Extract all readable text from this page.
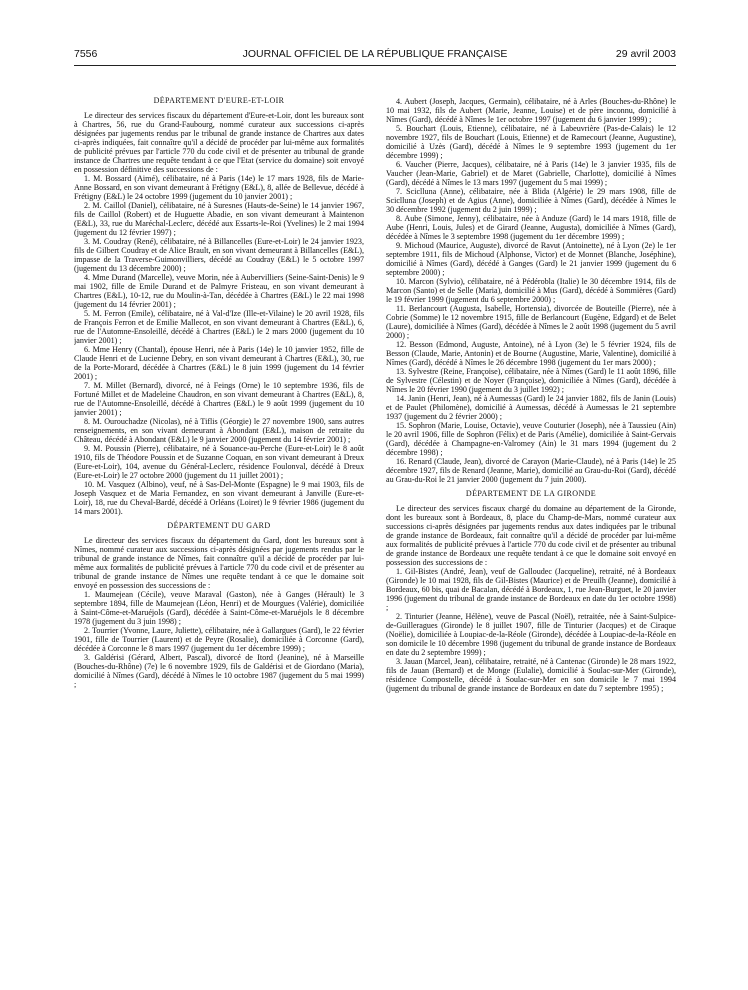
7556	JOURNAL OFFICIEL DE LA RÉPUBLIQUE FRANÇAISE	29 avril 2003

DÉPARTEMENT D'EURE-ET-LOIR

Le directeur des services fiscaux du département d'Eure-et-Loir, dont les bureaux sont à Chartres, 56, rue du Grand-Faubourg, nommé curateur aux successions ci-après désignées par jugements rendus par le tribunal de grande instance de Chartres aux dates ci-après indiquées, fait connaître qu'il a décidé de procéder par lui-même aux formalités de publicité prévues par l'article 770 du code civil et de présenter au tribunal de grande instance de Chartres une requête tendant à ce que l'Etat (service du domaine) soit envoyé en possession définitive des successions de :

1. M. Bossard (Aimé), célibataire, né à Paris (14e) le 17 mars 1928, fils de Marie-Anne Bossard, en son vivant demeurant à Frétigny (E&L), 8, allée de Bellevue, décédé à Frétigny (E&L) le 24 octobre 1999 (jugement du 10 janvier 2001) ;

2. M. Caillol (Daniel), célibataire, né à Suresnes (Hauts-de-Seine) le 14 janvier 1967, fils de Caillol (Robert) et de Huguette Abadie, en son vivant demeurant à Maintenon (E&L), 33, rue du Maréchal-Leclerc, décédé aux Essarts-le-Roi (Yvelines) le 2 mai 1994 (jugement du 12 février 1997) ;

3. M. Coudray (René), célibataire, né à Billancelles (Eure-et-Loir) le 24 janvier 1923, fils de Gilbert Coudray et de Alice Brault, en son vivant demeurant à Billancelles (E&L), impasse de la Traverse-Guimonvilliers, décédé au Coudray (E&L) le 5 octobre 1997 (jugement du 13 décembre 2000) ;

4. Mme Durand (Marcelle), veuve Morin, née à Aubervilliers (Seine-Saint-Denis) le 9 mai 1902, fille de Emile Durand et de Palmyre Fristeau, en son vivant demeurant à Chartres (E&L), 10-12, rue du Moulin-à-Tan, décédée à Chartres (E&L) le 22 mai 1998 (jugement du 14 février 2001) ;

5. M. Ferron (Emile), célibataire, né à Val-d'Ize (Ille-et-Vilaine) le 20 avril 1928, fils de François Ferron et de Emilie Mallecot, en son vivant demeurant à Chartres (E&L), 6, rue de l'Automne-Ensoleillé, décédé à Chartres (E&L) le 2 mars 2000 (jugement du 10 janvier 2001) ;

6. Mme Henry (Chantal), épouse Henri, née à Paris (14e) le 10 janvier 1952, fille de Claude Henri et de Lucienne Debry, en son vivant demeurant à Chartres (E&L), 30, rue de la Porte-Morard, décédée à Chartres (E&L) le 8 juin 1999 (jugement du 14 février 2001) ;

7. M. Millet (Bernard), divorcé, né à Feings (Orne) le 10 septembre 1936, fils de Fortuné Millet et de Madeleine Chaudron, en son vivant demeurant à Chartres (E&L), 8, rue de l'Automne-Ensoleillé, décédé à Chartres (E&L) le 9 août 1999 (jugement du 10 janvier 2001) ;

8. M. Ourouchadze (Nicolas), né à Tiflis (Géorgie) le 27 novembre 1900, sans autres renseignements, en son vivant demeurant à Abondant (E&L), maison de retraite du Château, décédé à Abondant (E&L) le 9 janvier 2000 (jugement du 14 février 2001) ;

9. M. Poussin (Pierre), célibataire, né à Souance-au-Perche (Eure-et-Loir) le 8 août 1910, fils de Théodore Poussin et de Suzanne Coquan, en son vivant demeurant à Dreux (Eure-et-Loir), 104, avenue du Général-Leclerc, résidence Foulonval, décédé à Dreux (Eure-et-Loir) le 27 octobre 2000 (jugement du 11 juillet 2001) ;

10. M. Vasquez (Albino), veuf, né à Sas-Del-Monte (Espagne) le 9 mai 1903, fils de Joseph Vasquez et de Maria Fernandez, en son vivant demeurant à Janville (Eure-et-Loir), 18, rue du Cheval-Bardé, décédé à Orléans (Loiret) le 9 février 1986 (jugement du 14 mars 2001).

DÉPARTEMENT DU GARD

Le directeur des services fiscaux du département du Gard, dont les bureaux sont à Nîmes, nommé curateur aux successions ci-après désignées par jugements rendus par le tribunal de grande instance de Nîmes, fait connaître qu'il a décidé de procéder par lui-même aux formalités de publicité prévues à l'article 770 du code civil et de présenter au tribunal de grande instance de Nîmes une requête tendant à ce que le domaine soit envoyé en possession des successions de :

1. Maumejean (Cécile), veuve Maraval (Gaston), née à Ganges (Hérault) le 3 septembre 1894, fille de Maumejean (Léon, Henri) et de Mourgues (Valérie), domiciliée à Saint-Côme-et-Maruéjols (Gard), décédée à Saint-Côme-et-Maruéjols le 8 décembre 1978 (jugement du 3 juin 1998) ;

2. Tourrier (Yvonne, Laure, Juliette), célibataire, née à Gallargues (Gard), le 22 février 1901, fille de Tourrier (Laurent) et de Peyre (Rosalie), domiciliée à Corconne (Gard), décédée à Corconne le 8 mars 1997 (jugement du 1er décembre 1999) ;

3. Galdérisi (Gérard, Albert, Pascal), divorcé de Itord (Jeanine), né à Marseille (Bouches-du-Rhône) (7e) le 6 novembre 1929, fils de Galdérisi et de Giordano (Maria), domicilié à Nîmes (Gard), décédé à Nîmes le 10 octobre 1987 (jugement du 5 mai 1999) ;

4. Aubert (Joseph, Jacques, Germain), célibataire, né à Arles (Bouches-du-Rhône) le 10 mai 1932, fils de Aubert (Marie, Jeanne, Louise) et de père inconnu, domicilié à Nîmes (Gard), décédé à Nîmes le 1er octobre 1997 (jugement du 6 janvier 1999) ;

5. Bouchart (Louis, Etienne), célibataire, né à Labeuvrière (Pas-de-Calais) le 12 novembre 1927, fils de Bouchart (Louis, Etienne) et de Ramecourt (Jeanne, Augustine), domicilié à Uzès (Gard), décédé à Nîmes le 9 septembre 1993 (jugement du 1er décembre 1999) ;

6. Vaucher (Pierre, Jacques), célibataire, né à Paris (14e) le 3 janvier 1935, fils de Vaucher (Jean-Marie, Gabriel) et de Maret (Gabrielle, Charlotte), domicilié à Nîmes (Gard), décédé à Nîmes le 13 mars 1997 (jugement du 5 mai 1999) ;

7. Sciclluna (Anne), célibataire, née à Blida (Algérie) le 29 mars 1908, fille de Sciclluna (Joseph) et de Agius (Anne), domiciliée à Nîmes (Gard), décédée à Nîmes le 30 décembre 1992 (jugement du 2 juin 1999) ;

8. Aube (Simone, Jenny), célibataire, née à Anduze (Gard) le 14 mars 1918, fille de Aube (Henri, Louis, Jules) et de Girard (Jeanne, Augusta), domiciliée à Nîmes (Gard), décédée à Nîmes le 3 septembre 1998 (jugement du 1er décembre 1999) ;

9. Michoud (Maurice, Auguste), divorcé de Ravut (Antoinette), né à Lyon (2e) le 1er septembre 1911, fils de Michoud (Alphonse, Victor) et de Monnet (Blanche, Joséphine), domicilié à Nîmes (Gard), décédé à Ganges (Gard) le 21 janvier 1999 (jugement du 6 septembre 2000) ;

10. Marcon (Sylvio), célibataire, né à Pédérobla (Italie) le 30 décembre 1914, fils de Marcon (Santo) et de Selle (Maria), domicilié à Mus (Gard), décédé à Sommières (Gard) le 19 février 1999 (jugement du 6 septembre 2000) ;

11. Berlancourt (Augusta, Isabelle, Hortensia), divorcée de Bouteille (Pierre), née à Cobrie (Somme) le 12 novembre 1915, fille de Berlancourt (Eugène, Edgard) et de Belet (Laure), domiciliée à Nîmes (Gard), décédée à Nîmes le 2 août 1998 (jugement du 5 avril 2000) ;

12. Besson (Edmond, Auguste, Antoine), né à Lyon (3e) le 5 février 1924, fils de Besson (Claude, Marie, Antonin) et de Bourne (Augustine, Marie, Valentine), domicilié à Nîmes (Gard), décédé à Nîmes le 26 décembre 1998 (jugement du 1er mars 2000) ;

13. Sylvestre (Reine, Françoise), célibataire, née à Nîmes (Gard) le 11 août 1896, fille de Sylvestre (Célestin) et de Noyer (Françoise), domiciliée à Nîmes (Gard), décédée à Nîmes le 20 février 1990 (jugement du 3 juillet 1992) ;

14. Janin (Henri, Jean), né à Aumessas (Gard) le 24 janvier 1882, fils de Janin (Louis) et de Paulet (Philomène), domicilié à Aumessas, décédé à Aumessas le 21 septembre 1937 (jugement du 2 février 2000) ;

15. Sophron (Marie, Louise, Octavie), veuve Couturier (Joseph), née à Taussieu (Ain) le 20 avril 1906, fille de Sophron (Félix) et de Paris (Amélie), domiciliée à Saint-Gervais (Gard), décédée à Champagne-en-Valromey (Ain) le 31 mars 1994 (jugement du 2 décembre 1998) ;

16. Renard (Claude, Jean), divorcé de Carayon (Marie-Claude), né à Paris (14e) le 25 décembre 1927, fils de Renard (Jeanne, Marie), domicilié au Grau-du-Roi (Gard), décédé au Grau-du-Roi le 21 janvier 2000 (jugement du 7 juin 2000).

DÉPARTEMENT DE LA GIRONDE

Le directeur des services fiscaux chargé du domaine au département de la Gironde, dont les bureaux sont à Bordeaux, 8, place du Champ-de-Mars, nommé curateur aux successions ci-après désignées par jugements rendus aux dates indiquées par le tribunal de grande instance de Bordeaux, fait connaître qu'il a décidé de procéder par lui-même aux formalités de publicité prévues à l'article 770 du code civil et de présenter au tribunal de grande instance de Bordeaux une requête tendant à ce que le domaine soit envoyé en possession des successions de :

1. Gil-Bistes (André, Jean), veuf de Galloudec (Jacqueline), retraité, né à Bordeaux (Gironde) le 10 mai 1928, fils de Gil-Bistes (Maurice) et de Preuilh (Jeanne), domicilié à Bordeaux, 60 bis, quai de Bacalan, décédé à Bordeaux, 1, rue Jean-Burguet, le 20 janvier 1996 (jugement du tribunal de grande instance de Bordeaux en date du 1er octobre 1998) ;

2. Tinturier (Jeanne, Hélène), veuve de Pascal (Noël), retraitée, née à Saint-Sulpice-de-Guilleragues (Gironde) le 8 juillet 1907, fille de Tinturier (Jacques) et de Ciraque (Noëlie), domiciliée à Loupiac-de-la-Réole (Gironde), décédée à Loupiac-de-la-Réole en son domicile le 10 décembre 1998 (jugement du tribunal de grande instance de Bordeaux en date du 2 septembre 1999) ;

3. Jauan (Marcel, Jean), célibataire, retraité, né à Cantenac (Gironde) le 28 mars 1922, fils de Jauan (Bernard) et de Monge (Eulalie), domicilié à Soulac-sur-Mer (Gironde), résidence Compostelle, décédé à Soulac-sur-Mer en son domicile le 7 mai 1994 (jugement du tribunal de grande instance de Bordeaux en date du 7 septembre 1995) ;
